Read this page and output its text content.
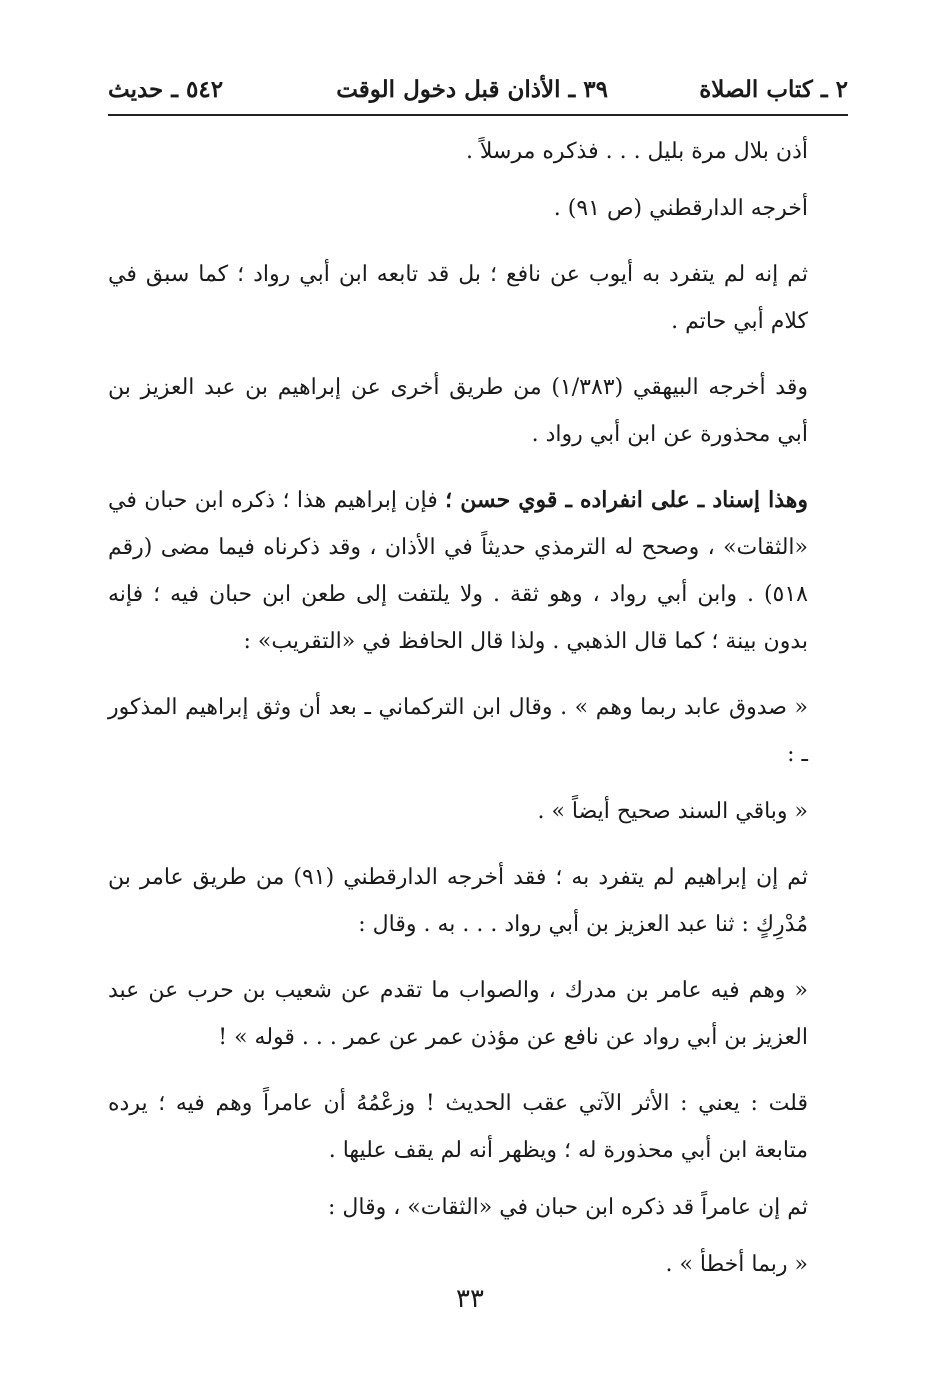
٢ ـ كتاب الصلاة
٣٩ ـ الأذان قبل دخول الوقت
٥٤٢ ـ حديث

أذن بلال مرة بليل . . . فذكره مرسلاً .

أخرجه الدارقطني (ص ٩١) .

ثم إنه لم يتفرد به أيوب عن نافع ؛ بل قد تابعه ابن أبي رواد ؛ كما سبق في كلام أبي حاتم .

وقد أخرجه البيهقي (١/٣٨٣) من طريق أخرى عن إبراهيم بن عبد العزيز بن أبي محذورة عن ابن أبي رواد .

وهذا إسناد ـ على انفراده ـ قوي حسن ؛ فإن إبراهيم هذا ؛ ذكره ابن حبان في «الثقات» ، وصحح له الترمذي حديثاً في الأذان ، وقد ذكرناه فيما مضى (رقم ٥١٨) . وابن أبي رواد ، وهو ثقة . ولا يلتفت إلى طعن ابن حبان فيه ؛ فإنه بدون بينة ؛ كما قال الذهبي . ولذا قال الحافظ في «التقريب» :

« صدوق عابد ربما وهم » . وقال ابن التركماني ـ بعد أن وثق إبراهيم المذكور ـ :

« وباقي السند صحيح أيضاً » .

ثم إن إبراهيم لم يتفرد به ؛ فقد أخرجه الدارقطني (٩١) من طريق عامر بن مُدْرِكٍ : ثنا عبد العزيز بن أبي رواد . . . به . وقال :

« وهم فيه عامر بن مدرك ، والصواب ما تقدم عن شعيب بن حرب عن عبد العزيز بن أبي رواد عن نافع عن مؤذن عمر عن عمر . . . قوله » !

قلت : يعني : الأثر الآتي عقب الحديث ! وزعْمُهُ أن عامراً وهم فيه ؛ يرده متابعة ابن أبي محذورة له ؛ ويظهر أنه لم يقف عليها .

ثم إن عامراً قد ذكره ابن حبان في «الثقات» ، وقال :

« ربما أخطأ » .

٣٣
